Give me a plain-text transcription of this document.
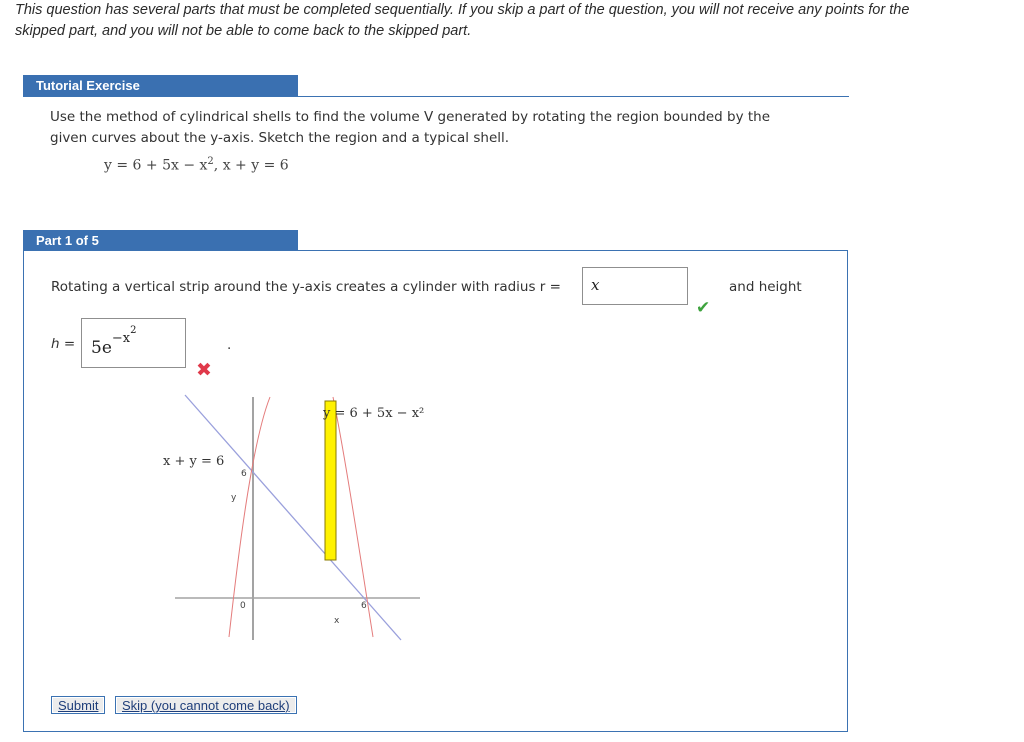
This question has several parts that must be completed sequentially. If you skip a part of the question, you will not receive any points for the
skipped part, and you will not be able to come back to the skipped part.
Tutorial Exercise
Use the method of cylindrical shells to find the volume V generated by rotating the region bounded by the
given curves about the y-axis. Sketch the region and a typical shell.
$y = 6 + 5x - x^2$, x + y = 6
Part 1 of 5
Rotating a vertical strip around the y-axis creates a cylinder with radius r =	x
✔
and height
$h = 5e^{-x^2}$
.
✖
y = 6 + 5x − x²
x + y = 6
6
y
0	6
x
Submit	Skip (you cannot come back)
